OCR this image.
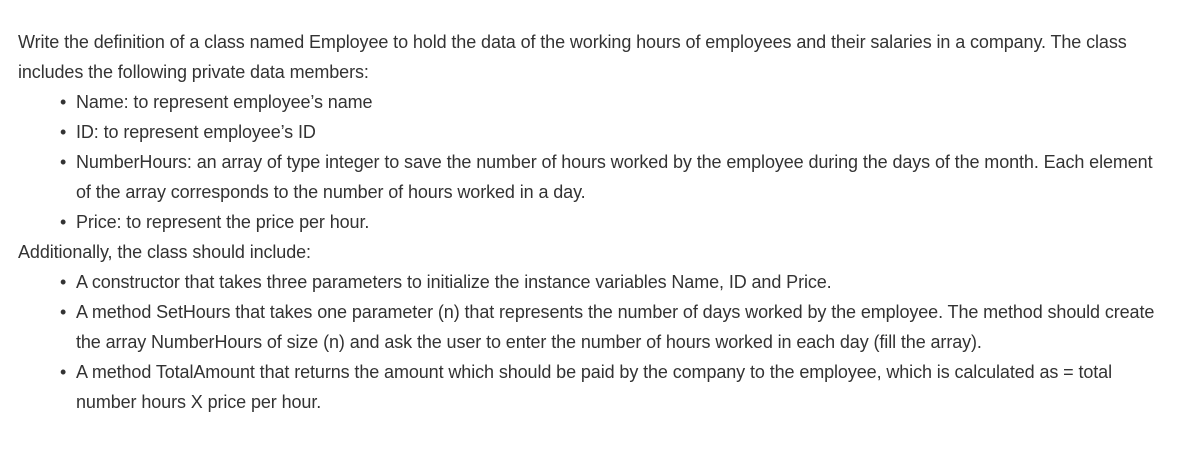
Write the definition of a class named Employee to hold the data of the working hours of employees and their salaries in a company. The class includes the following private data members:

• Name: to represent employee’s name
• ID: to represent employee’s ID
• NumberHours: an array of type integer to save the number of hours worked by the employee during the days of the month. Each element of the array corresponds to the number of hours worked in a day.
• Price: to represent the price per hour.

Additionally, the class should include:

• A constructor that takes three parameters to initialize the instance variables Name, ID and Price.
• A method SetHours that takes one parameter (n) that represents the number of days worked by the employee. The method should create the array NumberHours of size (n) and ask the user to enter the number of hours worked in each day (fill the array).
• A method TotalAmount that returns the amount which should be paid by the company to the employee, which is calculated as = total number hours X price per hour.
